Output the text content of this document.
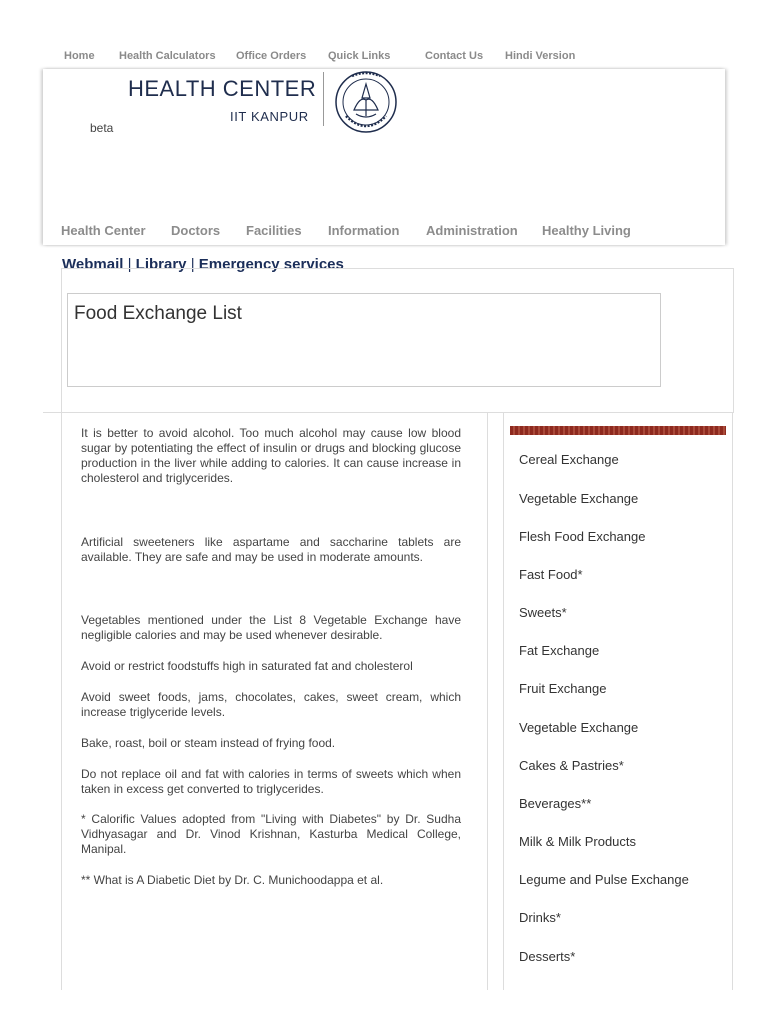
Home Health Calculators Office Orders Quick Links	Contact Us Hindi Version
HEALTH CENTER
IIT KANPUR
beta
Health Center Doctors Facilities Information Administration Healthy Living
Webmail | Library | Emergency services
Food Exchange List

It is better to avoid alcohol. Too much alcohol may cause low blood sugar by potentiating the effect of insulin or drugs and blocking glucose production in the liver while adding to calories. It can cause increase in cholesterol and triglycerides.

Artificial sweeteners like aspartame and saccharine tablets are available. They are safe and may be used in moderate amounts.

Vegetables mentioned under the List 8 Vegetable Exchange have negligible calories and may be used whenever desirable.

Avoid or restrict foodstuffs high in saturated fat and cholesterol

Avoid sweet foods, jams, chocolates, cakes, sweet cream, which increase triglyceride levels.

Bake, roast, boil or steam instead of frying food.

Do not replace oil and fat with calories in terms of sweets which when taken in excess get converted to triglycerides.

* Calorific Values adopted from "Living with Diabetes" by Dr. Sudha Vidhyasagar and Dr. Vinod Krishnan, Kasturba Medical College, Manipal.

** What is A Diabetic Diet by Dr. C. Munichoodappa et al.

Cereal Exchange
Vegetable Exchange
Flesh Food Exchange
Fast Food*
Sweets*
Fat Exchange
Fruit Exchange
Vegetable Exchange
Cakes & Pastries*
Beverages**
Milk & Milk Products
Legume and Pulse Exchange
Drinks*
Desserts*
